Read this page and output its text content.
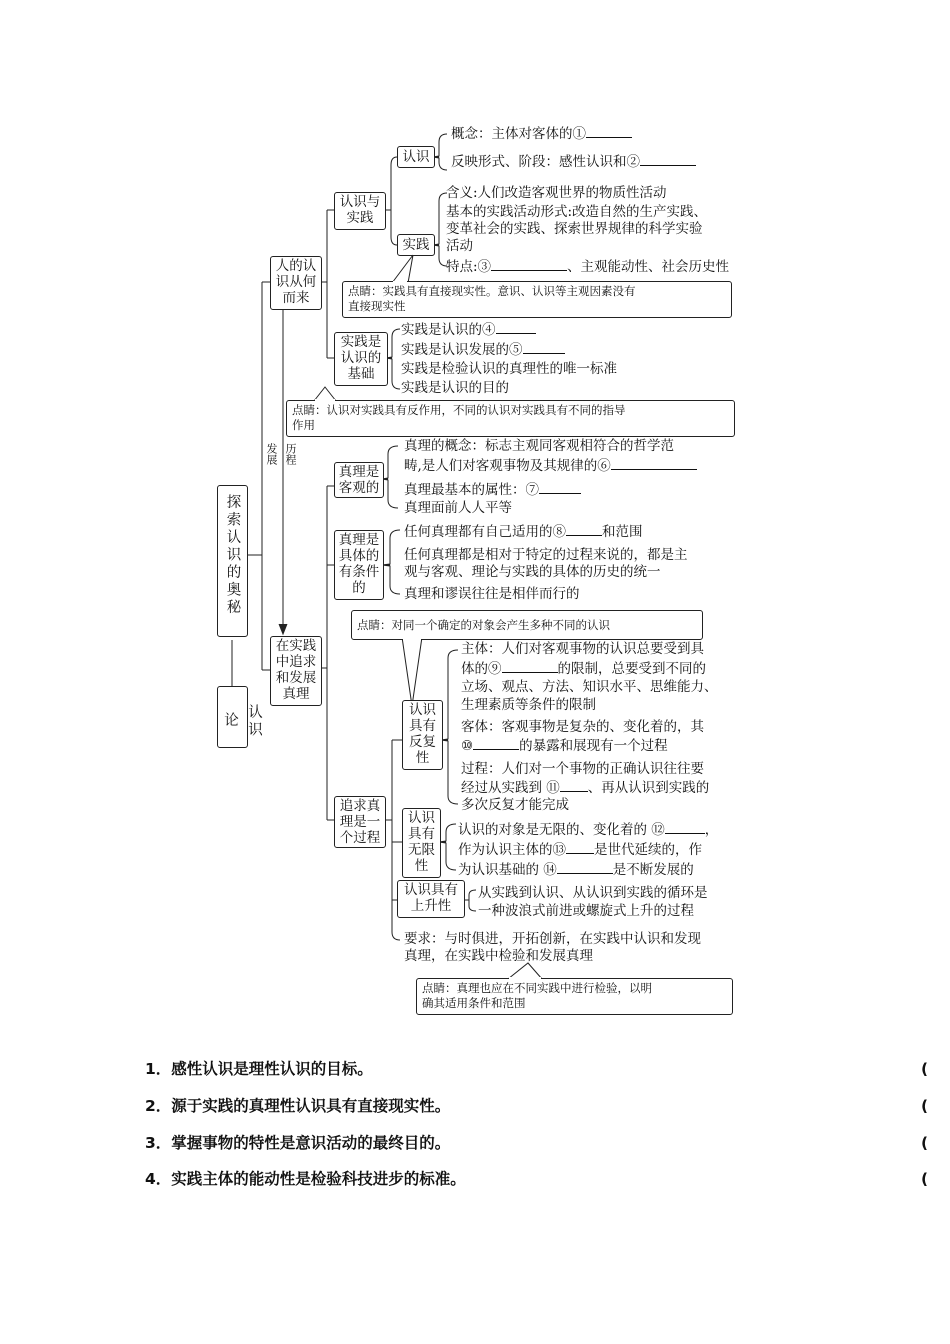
探索认识的奥秘
认识论
发展 历程
人的认识从何而来
认识与实践
认识
概念：主体对客体的①
反映形式、阶段：感性认识和②
实践
含义:人们改造客观世界的物质性活动
基本的实践活动形式:改造自然的生产实践、
变革社会的实践、探索世界规律的科学实验
活动
特点:③	、主观能动性、社会历史性
点睛：实践具有直接现实性。意识、认识等主观因素没有
直接现实性
实践是认识的基础
实践是认识的④
实践是认识发展的⑤
实践是检验认识的真理性的唯一标准
实践是认识的目的
点睛：认识对实践具有反作用，不同的认识对实践具有不同的指导
作用
在实践中追求和发展真理
真理是客观的
真理的概念：标志主观同客观相符合的哲学范
畴,是人们对客观事物及其规律的⑥
真理最基本的属性：⑦
真理面前人人平等
真理是具体的有条件的
任何真理都有自己适用的⑧	和范围
任何真理都是相对于特定的过程来说的，都是主
观与客观、理论与实践的具体的历史的统一
真理和谬误往往是相伴而行的
点睛：对同一个确定的对象会产生多种不同的认识
追求真理是一个过程
认识具有反复性
主体：人们对客观事物的认识总要受到具
体的⑨	的限制，总要受到不同的
立场、观点、方法、知识水平、思维能力、
生理素质等条件的限制
客体：客观事物是复杂的、变化着的，其
⑩	的暴露和展现有一个过程
过程：人们对一个事物的正确认识往往要
经过从实践到 ⑪ 、再从认识到实践的
多次反复才能完成
认识具有无限性
认识的对象是无限的、变化着的 ⑫	，
作为认识主体的⑬ 是世代延续的，作
为认识基础的 ⑭	是不断发展的
认识具有上升性
从实践到认识、从认识到实践的循环是
一种波浪式前进或螺旋式上升的过程
要求：与时俱进，开拓创新，在实践中认识和发现
真理，在实践中检验和发展真理
点睛：真理也应在不同实践中进行检验，以明
确其适用条件和范围
1．感性认识是理性认识的目标。	(
2．源于实践的真理性认识具有直接现实性。	(
3．掌握事物的特性是意识活动的最终目的。	(
4．实践主体的能动性是检验科技进步的标准。	(
